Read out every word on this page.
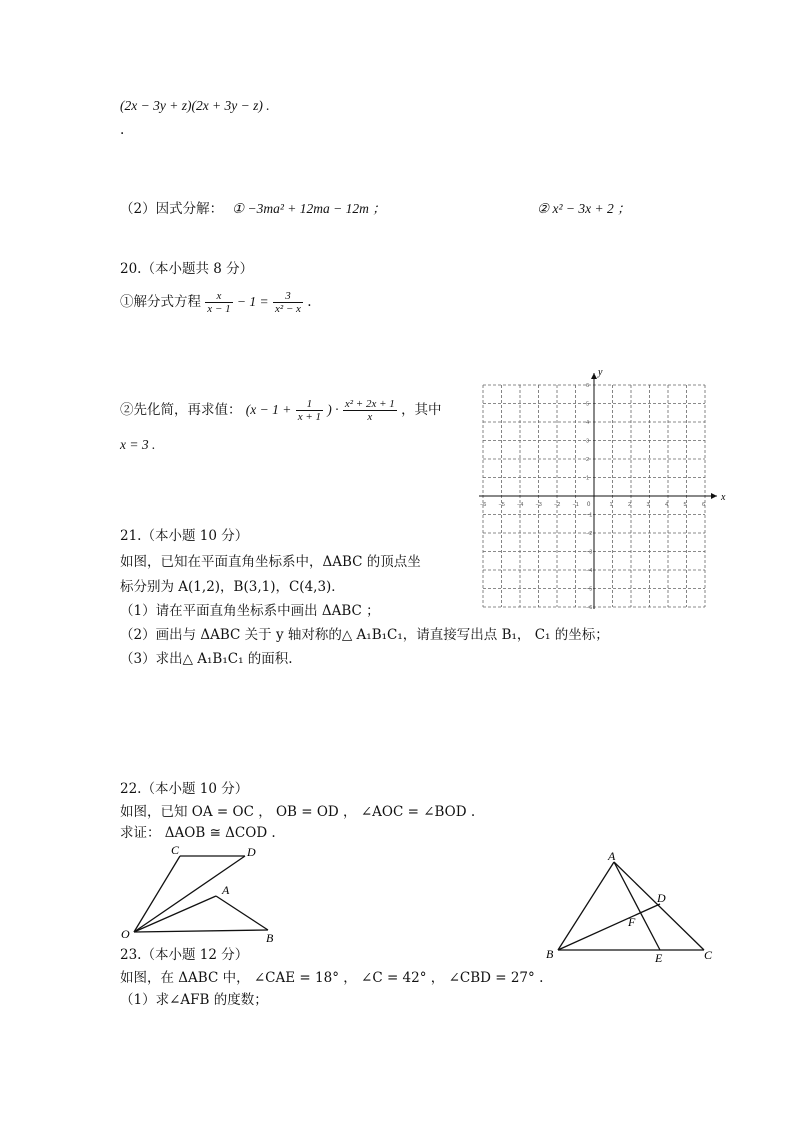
(2x − 3y + z)(2x + 3y − z) .
.
（2）因式分解： ① −3ma² + 12ma − 12m ；	② x² − 3x + 2 ；
20.（本小题共 8 分）
①解分式方程 $\frac{x}{x - 1} - 1 = \frac{3}{\text{x² − x}}$ .
②先化简，再求值： ($x - 1 + \frac{1}{x + 1}$ ) · $\frac{\text{x² + 2x + 1}}{x}$ ，其中
x = 3 .
x
y
0
−6 −5 −4 −3 −2 −1	1	2	3	4	5	6
6
5
4
3
2
1
−1
−2
−3
−4
−5
−6
21.（本小题 10 分）
如图，已知在平面直角坐标系中，ΔABC 的顶点坐
标分别为 A(1,2)，B(3,1)，C(4,3)．
（1）请在平面直角坐标系中画出 ΔABC ；
（2）画出与 ΔABC 关于 y 轴对称的△ A₁B₁C₁，请直接写出点 B₁， C₁ 的坐标；
（3）求出△ A₁B₁C₁ 的面积.
22.（本小题 10 分）
如图，已知 OA = OC ， OB = OD ， ∠AOC = ∠BOD .
求证： ΔAOB ≅ ΔCOD .
C	D
A
O	B
23.（本小题 12 分）
如图，在 ΔABC 中， ∠CAE = 18° ， ∠C = 42° ， ∠CBD = 27° .
（1）求∠AFB 的度数；
A
B	C
D
E
F
